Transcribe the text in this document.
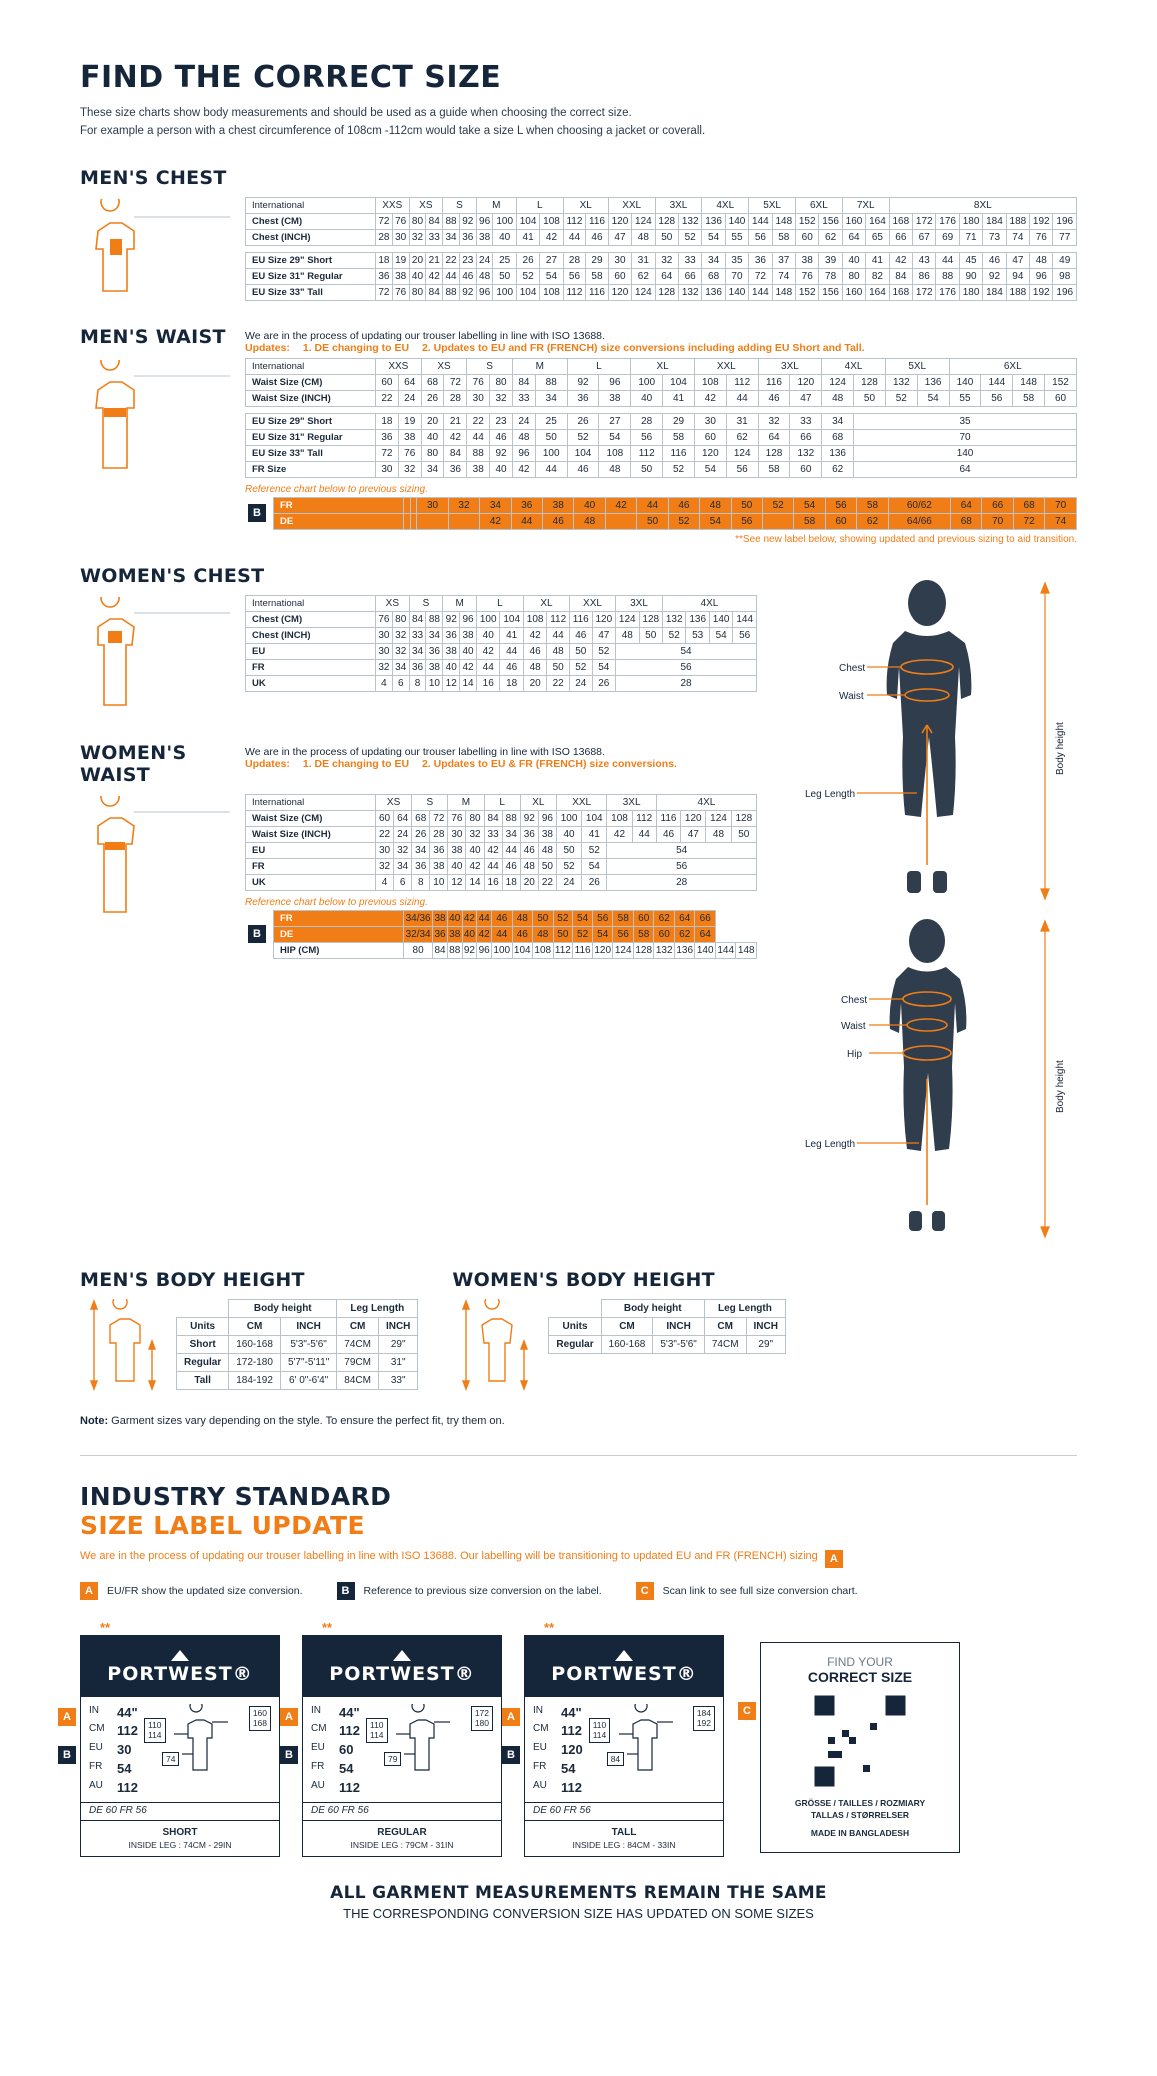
FIND THE CORRECT SIZE
These size charts show body measurements and should be used as a guide when choosing the correct size.
For example a person with a chest circumference of 108cm -112cm would take a size L when choosing a jacket or coverall.
MEN'S CHEST
International	XXS		XS		S		M		L		XL		XXL		3XL		4XL		5XL		6XL		7XL		8XL							
Chest (CM)	72	76	80	84	88	92	96	100	104	108	112	116	120	124	128	132	136	140	144	148	152	156	160	164	168	172	176	180	184	188	192	196
Chest (INCH)	28	30	32	33	34	36	38	40	41	42	44	46	47	48	50	52	54	55	56	58	60	62	64	65	66	67	69	71	73	74	76	77

EU Size 29" Short	18	19	20	21	22	23	24	25	26	27	28	29	30	31	32	33	34	35	36	37	38	39	40	41	42	43	44	45	46	47	48	49
EU Size 31" Regular	36	38	40	42	44	46	48	50	52	54	56	58	60	62	64	66	68	70	72	74	76	78	80	82	84	86	88	90	92	94	96	98
EU Size 33" Tall	72	76	80	84	88	92	96	100	104	108	112	116	120	124	128	132	136	140	144	148	152	156	160	164	168	172	176	180	184	188	192	196
MEN'S WAIST	We are in the process of updating our trouser labelling in line with ISO 13688.
Updates: 1. DE changing to EU 2. Updates to EU and FR (FRENCH) size conversions including adding EU Short and Tall.
International	XXS		XS		S		M		L		XL		XXL		3XL		4XL		5XL		6XL			
Waist Size (CM)	60	64	68	72	76	80	84	88	92	96	100	104	108	112	116	120	124	128	132	136	140	144	148	152
Waist Size (INCH)	22	24	26	28	30	32	33	34	36	38	40	41	42	44	46	47	48	50	52	54	55	56	58	60

EU Size 29" Short	18	19	20	21	22	23	24	25	26	27	28	29	30	31	32	33	34	35						
EU Size 31" Regular	36	38	40	42	44	46	48	50	52	54	56	58	60	62	64	66	68	70						
EU Size 33" Tall	72	76	80	84	88	92	96	100	104	108	112	116	120	124	128	132	136	140						
FR Size	30	32	34	36	38	40	42	44	46	48	50	52	54	56	58	60	62	64						
Reference chart below to previous sizing.
B
FR			30	32	34	36	38	40	42	44	46	48	50	52	54	56	58	60/62	64	66	68	70
DE					42	44	46	48		50	52	54	56		58	60	62	64/66	68	70	72	74
**See new label below, showing updated and previous sizing to aid transition.
WOMEN'S CHEST
International	XS		S		M		L		XL		XXL		3XL		4XL			
Chest (CM)	76	80	84	88	92	96	100	104	108	112	116	120	124	128	132	136	140	144
Chest (INCH)	30	32	33	34	36	38	40	41	42	44	46	47	48	50	52	53	54	56
EU	30	32	34	36	38	40	42	44	46	48	50	52	54					
FR	32	34	36	38	40	42	44	46	48	50	52	54	56					
UK	4	6	8	10	12	14	16	18	20	22	24	26	28					
WOMEN'S WAIST
We are in the process of updating our trouser labelling in line with ISO 13688.
Updates: 1. DE changing to EU 2. Updates to EU & FR (FRENCH) size conversions.
International	XS		S		M		L		XL		XXL		3XL		4XL			
Waist Size (CM)	60	64	68	72	76	80	84	88	92	96	100	104	108	112	116	120	124	128
Waist Size (INCH)	22	24	26	28	30	32	33	34	36	38	40	41	42	44	46	47	48	50
EU	30	32	34	36	38	40	42	44	46	48	50	52	54					
FR	32	34	36	38	40	42	44	46	48	50	52	54	56					
UK	4	6	8	10	12	14	16	18	20	22	24	26	28					
Reference chart below to previous sizing.
B
FR	34/36	38	40	42	44	46	48	50	52	54	56	58	60	62	64	66		
DE	32/34	36	38	40	42	44	46	48	50	52	54	56	58	60	62	64		
HIP (CM)	80	84	88	92	96	100	104	108	112	116	120	124	128	132	136	140	144	148
Chest
Waist
Leg Length
Body height
Chest
Waist
Hip
Leg Length
Body height
MEN'S BODY HEIGHT
	Body height		Leg Length	
Units	CM	INCH	CM	INCH
Short	160-168	5'3"-5'6"	74CM	29"
Regular	172-180	5'7"-5'11"	79CM	31"
Tall	184-192	6' 0"-6'4"	84CM	33"
WOMEN'S BODY HEIGHT
	Body height		Leg Length	
Units	CM	INCH	CM	INCH
Regular	160-168	5'3"-5'6"	74CM	29"
Note: Garment sizes vary depending on the style. To ensure the perfect fit, try them on.
INDUSTRY STANDARD
SIZE LABEL UPDATE
We are in the process of updating our trouser labelling in line with ISO 13688. Our labelling will be transitioning to updated EU and FR (FRENCH) sizing A
A	EU/FR show the updated size conversion.	B	Reference to previous size conversion on the label.	C	Scan link to see full size conversion chart.
**
PORTWEST®
IN	44"
CM 112
EU	30
FR	54
AU	112
110
114
160
168
74
DE 60 FR 56
SHORT
INSIDE LEG : 74CM - 29IN
A
B
**
PORTWEST®
IN	44"
CM 112
EU	60
FR	54
AU	112
110
114
172
180
79
DE 60 FR 56
REGULAR
INSIDE LEG : 79CM - 31IN
A
B
**
PORTWEST®
IN	44"
CM 112
EU	120
FR	54
AU	112
110
114
184
192
84
DE 60 FR 56
TALL
INSIDE LEG : 84CM - 33IN
A
B
C
FIND YOUR
CORRECT SIZE
GRÖSSE / TAILLES / ROZMIARY
TALLAS / STØRRELSER
MADE IN BANGLADESH
ALL GARMENT MEASUREMENTS REMAIN THE SAME
THE CORRESPONDING CONVERSION SIZE HAS UPDATED ON SOME SIZES
